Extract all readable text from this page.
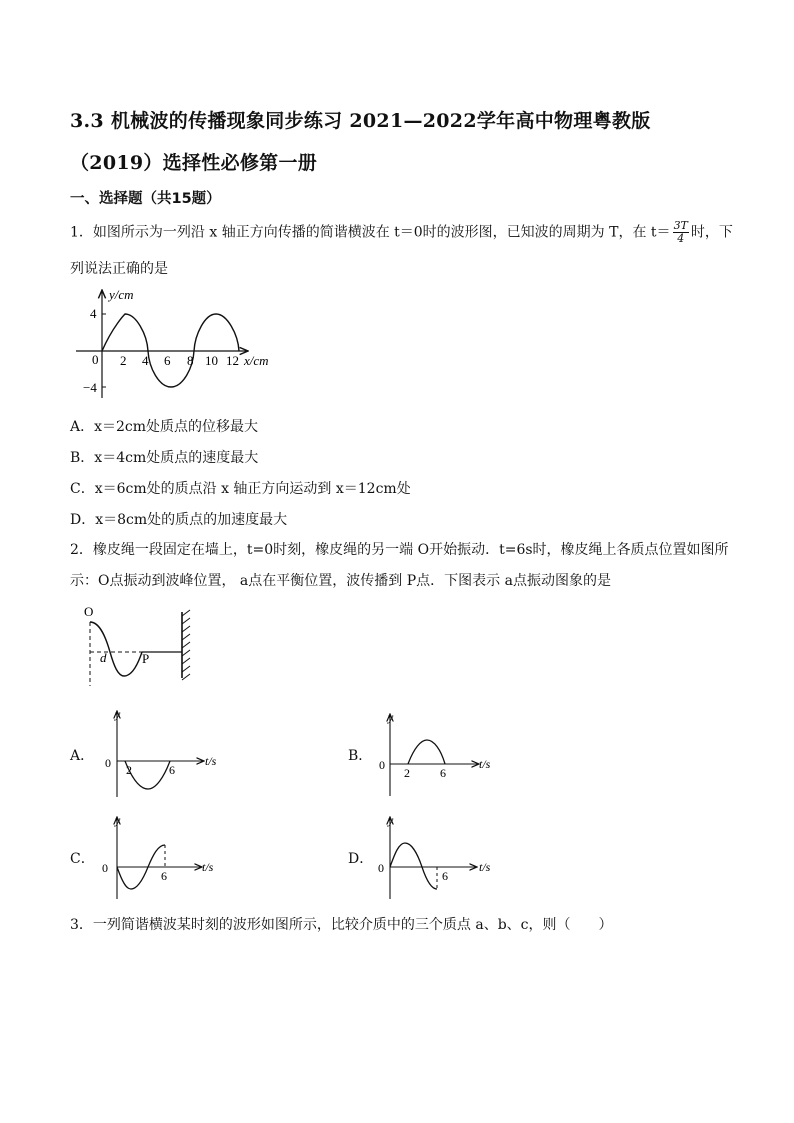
3.3 机械波的传播现象同步练习 2021—2022学年高中物理粤教版
（2019）选择性必修第一册
一、选择题（共15题）
1．如图所示为一列沿 x 轴正方向传播的简谐横波在 t＝0时的波形图，已知波的周期为 T，在 $t= \frac{3T}{4}$ 时，下
列说法正确的是
y/cm
4
−4
0 2 4 6 8 10 12 x/cm
A．x＝2cm处质点的位移最大
B．x＝4cm处质点的速度最大
C．x＝6cm处的质点沿 x 轴正方向运动到 x＝12cm处
D．x＝8cm处的质点的加速度最大
2．橡皮绳一段固定在墙上，t=0时刻，橡皮绳的另一端 O开始振动．t=6s时，橡皮绳上各质点位置如图所
示：O点振动到波峰位置， a点在平衡位置，波传播到 P点．下图表示 a点振动图象的是
O
d	P
A．
y
0 2	6
t/s	B．
y
0
2	6
t/s
C．
y
0
6
t/s	D．
y
0
6
t/s
3．一列简谐横波某时刻的波形如图所示，比较介质中的三个质点 a、b、c，则（　　）
